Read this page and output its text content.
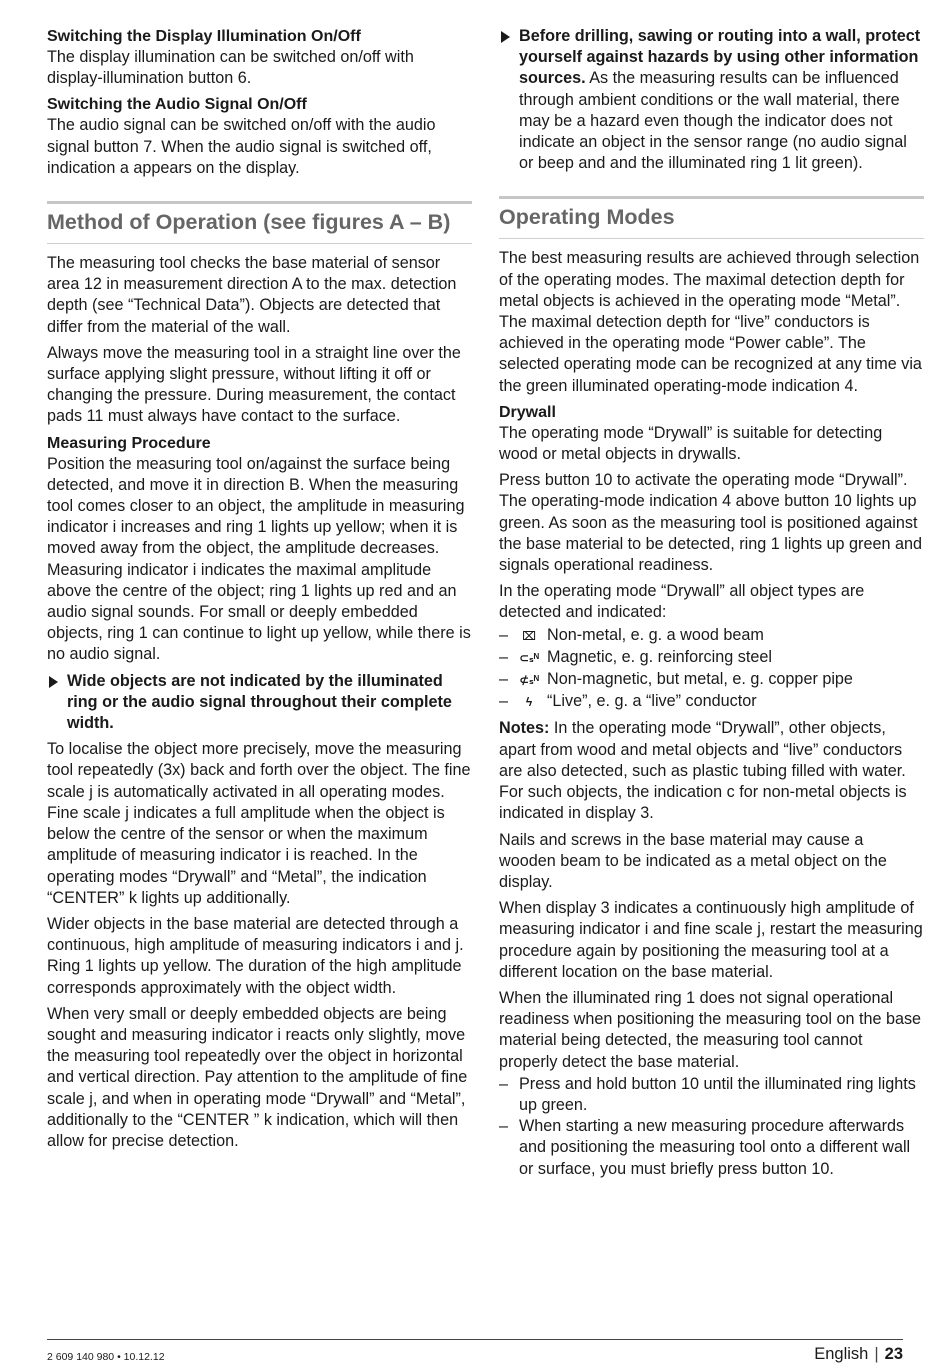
Switching the Display Illumination On/Off

The display illumination can be switched on/off with display-illumination button 6.

Switching the Audio Signal On/Off

The audio signal can be switched on/off with the audio signal button 7. When the audio signal is switched off, indication a appears on the display.

Method of Operation (see figures A – B)

The measuring tool checks the base material of sensor area 12 in measurement direction A to the max. detection depth (see “Technical Data”). Objects are detected that differ from the material of the wall.

Always move the measuring tool in a straight line over the surface applying slight pressure, without lifting it off or changing the pressure. During measurement, the contact pads 11 must always have contact to the surface.

Measuring Procedure

Position the measuring tool on/against the surface being detected, and move it in direction B. When the measuring tool comes closer to an object, the amplitude in measuring indicator i increases and ring 1 lights up yellow; when it is moved away from the object, the amplitude decreases. Measuring indicator i indicates the maximal amplitude above the centre of the object; ring 1 lights up red and an audio signal sounds. For small or deeply embedded objects, ring 1 can continue to light up yellow, while there is no audio signal.

Wide objects are not indicated by the illuminated ring or the audio signal throughout their complete width.

To localise the object more precisely, move the measuring tool repeatedly (3x) back and forth over the object. The fine scale j is automatically activated in all operating modes. Fine scale j indicates a full amplitude when the object is below the centre of the sensor or when the maximum amplitude of measuring indicator i is reached. In the operating modes “Drywall” and “Metal”, the indication “CENTER” k lights up additionally.

Wider objects in the base material are detected through a continuous, high amplitude of measuring indicators i and j. Ring 1 lights up yellow. The duration of the high amplitude corresponds approximately with the object width.

When very small or deeply embedded objects are being sought and measuring indicator i reacts only slightly, move the measuring tool repeatedly over the object in horizontal and vertical direction. Pay attention to the amplitude of fine scale j, and when in operating mode “Drywall” and “Metal”, additionally to the “CENTER ” k indication, which will then allow for precise detection.

Before drilling, sawing or routing into a wall, protect yourself against hazards by using other information sources. As the measuring results can be influenced through ambient conditions or the wall material, there may be a hazard even though the indicator does not indicate an object in the sensor range (no audio signal or beep and and the illuminated ring 1 lit green).
Operating Modes

The best measuring results are achieved through selection of the operating modes. The maximal detection depth for metal objects is achieved in the operating mode “Metal”. The maximal detection depth for “live” conductors is achieved in the operating mode “Power cable”. The selected operating mode can be recognized at any time via the green illuminated operating-mode indication 4.

Drywall

The operating mode “Drywall” is suitable for detecting wood or metal objects in drywalls.

Press button 10 to activate the operating mode “Drywall”. The operating-mode indication 4 above button 10 lights up green. As soon as the measuring tool is positioned against the base material to be detected, ring 1 lights up green and signals operational readiness.

In the operating mode “Drywall” all object types are detected and indicated:

– ⌧ Non-metal, e. g. a wood beam
– ⊂ₛᴺ Magnetic, e. g. reinforcing steel
– ⊄ₛᴺ Non-magnetic, but metal, e. g. copper pipe
– ϟ “Live”, e. g. a “live” conductor

Notes: In the operating mode “Drywall”, other objects, apart from wood and metal objects and “live” conductors are also detected, such as plastic tubing filled with water. For such objects, the indication c for non-metal objects is indicated in display 3.

Nails and screws in the base material may cause a wooden beam to be indicated as a metal object on the display.

When display 3 indicates a continuously high amplitude of measuring indicator i and fine scale j, restart the measuring procedure again by positioning the measuring tool at a different location on the base material.

When the illuminated ring 1 does not signal operational readiness when positioning the measuring tool on the base material being detected, the measuring tool cannot properly detect the base material.

– Press and hold button 10 until the illuminated ring lights up green.
– When starting a new measuring procedure afterwards and positioning the measuring tool onto a different wall or surface, you must briefly press button 10.
2 609 140 980 • 10.12.12	English | 23
